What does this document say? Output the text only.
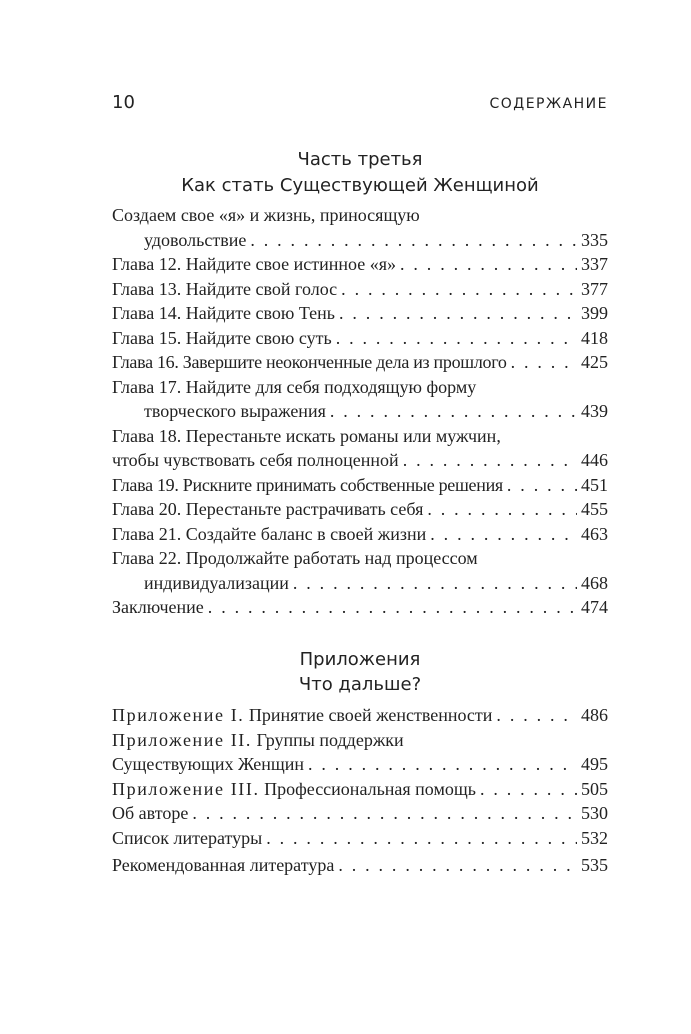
10	СОДЕРЖАНИЕ
Часть третья
Как стать Существующей Женщиной
Создаем свое «я» и жизнь, приносящую
удовольствие . . .	335
Глава 12. Найдите свое истинное «я» . . .	337
Глава 13. Найдите свой голос . . .	377
Глава 14. Найдите свою Тень . . .	399
Глава 15. Найдите свою суть . . .	418
Глава 16. Завершите неоконченные дела из прошлого . . .	425
Глава 17. Найдите для себя подходящую форму
творческого выражения . . .	439
Глава 18. Перестаньте искать романы или мужчин,
чтобы чувствовать себя полноценной . . .	446
Глава 19. Рискните принимать собственные решения . . .	451
Глава 20. Перестаньте растрачивать себя . . .	455
Глава 21. Создайте баланс в своей жизни . . .	463
Глава 22. Продолжайте работать над процессом
индивидуализации . . .	468
Заключение . . .	474
Приложения
Что дальше?
Приложение I. Принятие своей женственности . . .	486
Приложение II. Группы поддержки
Существующих Женщин . . .	495
Приложение III. Профессиональная помощь . . .	505
Об авторе . . .	530
Список литературы . . .	532
Рекомендованная литература . . .	535
